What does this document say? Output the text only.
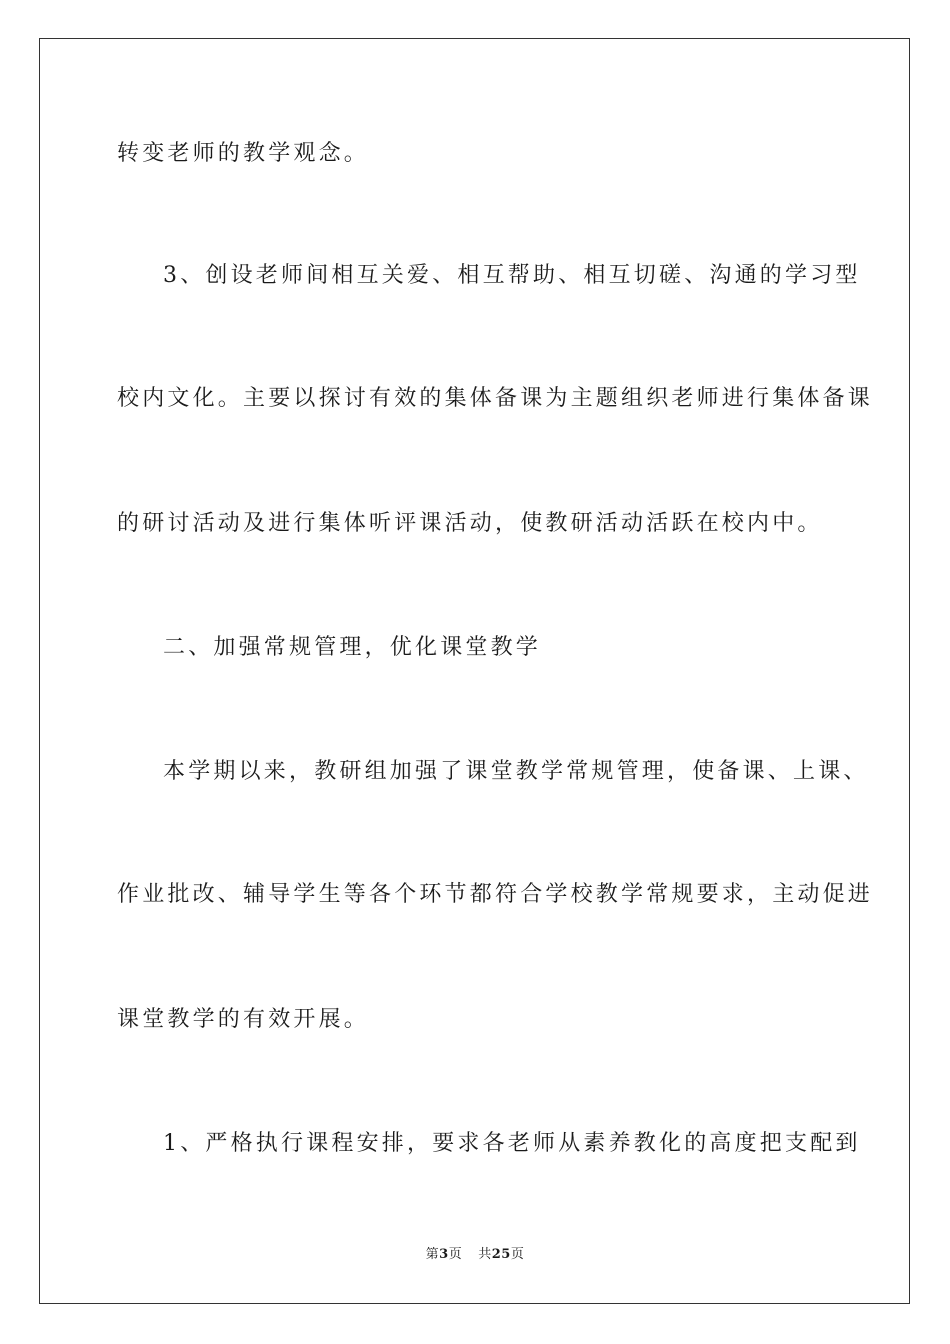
转变老师的教学观念。
3、创设老师间相互关爱、相互帮助、相互切磋、沟通的学习型
校内文化。主要以探讨有效的集体备课为主题组织老师进行集体备课
的研讨活动及进行集体听评课活动，使教研活动活跃在校内中。
二、加强常规管理，优化课堂教学
本学期以来，教研组加强了课堂教学常规管理，使备课、上课、
作业批改、辅导学生等各个环节都符合学校教学常规要求，主动促进
课堂教学的有效开展。
1、严格执行课程安排，要求各老师从素养教化的高度把支配到
第3页 共25页
